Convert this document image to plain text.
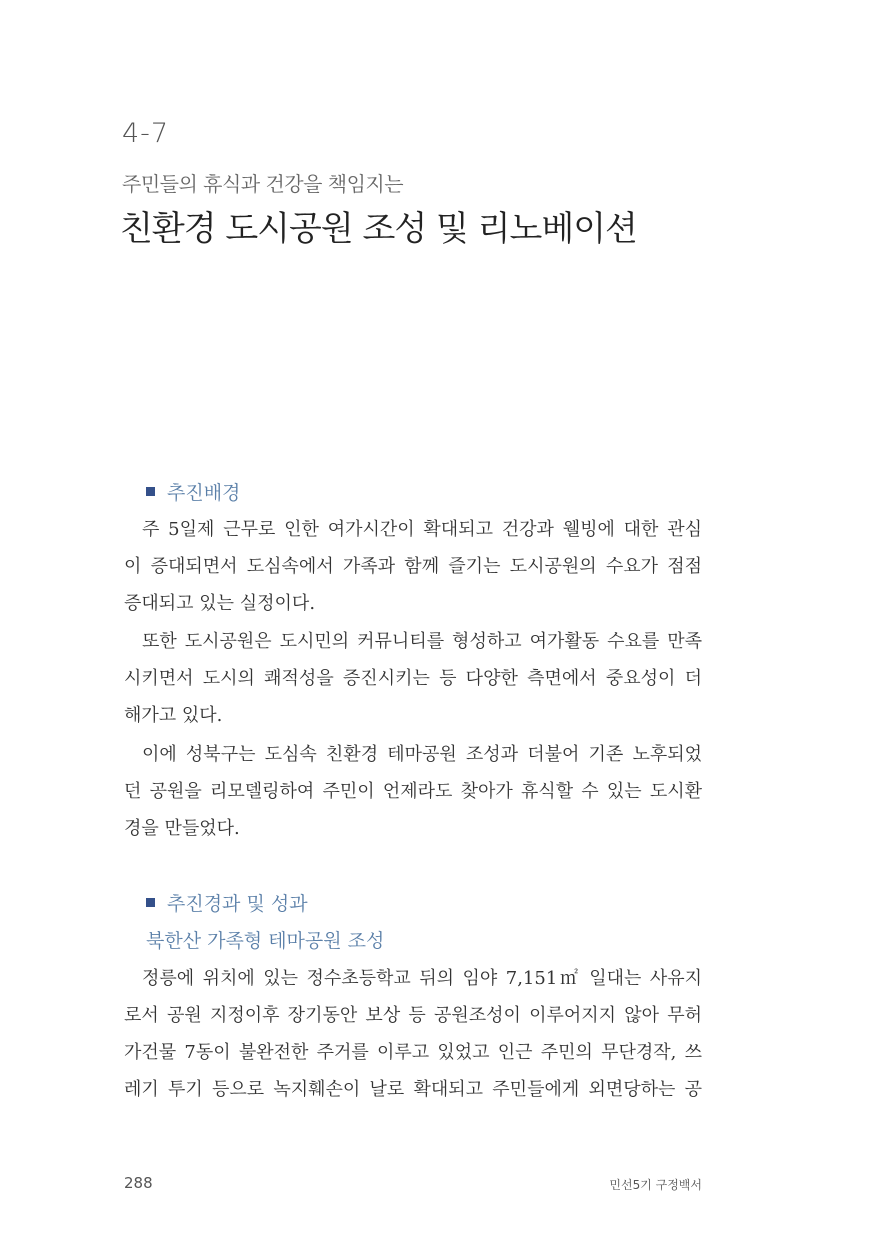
4-7
주민들의 휴식과 건강을 책임지는
친환경 도시공원 조성 및 리노베이션
추진배경
주 5일제 근무로 인한 여가시간이 확대되고 건강과 웰빙에 대한 관심
이 증대되면서 도심속에서 가족과 함께 즐기는 도시공원의 수요가 점점
증대되고 있는 실정이다.
또한 도시공원은 도시민의 커뮤니티를 형성하고 여가활동 수요를 만족
시키면서 도시의 쾌적성을 증진시키는 등 다양한 측면에서 중요성이 더
해가고 있다.
이에 성북구는 도심속 친환경 테마공원 조성과 더불어 기존 노후되었
던 공원을 리모델링하여 주민이 언제라도 찾아가 휴식할 수 있는 도시환
경을 만들었다.
추진경과 및 성과
북한산 가족형 테마공원 조성
정릉에 위치에 있는 정수초등학교 뒤의 임야 7,151㎡ 일대는 사유지
로서 공원 지정이후 장기동안 보상 등 공원조성이 이루어지지 않아 무허
가건물 7동이 불완전한 주거를 이루고 있었고 인근 주민의 무단경작, 쓰
레기 투기 등으로 녹지훼손이 날로 확대되고 주민들에게 외면당하는 공
288	민선5기 구정백서
